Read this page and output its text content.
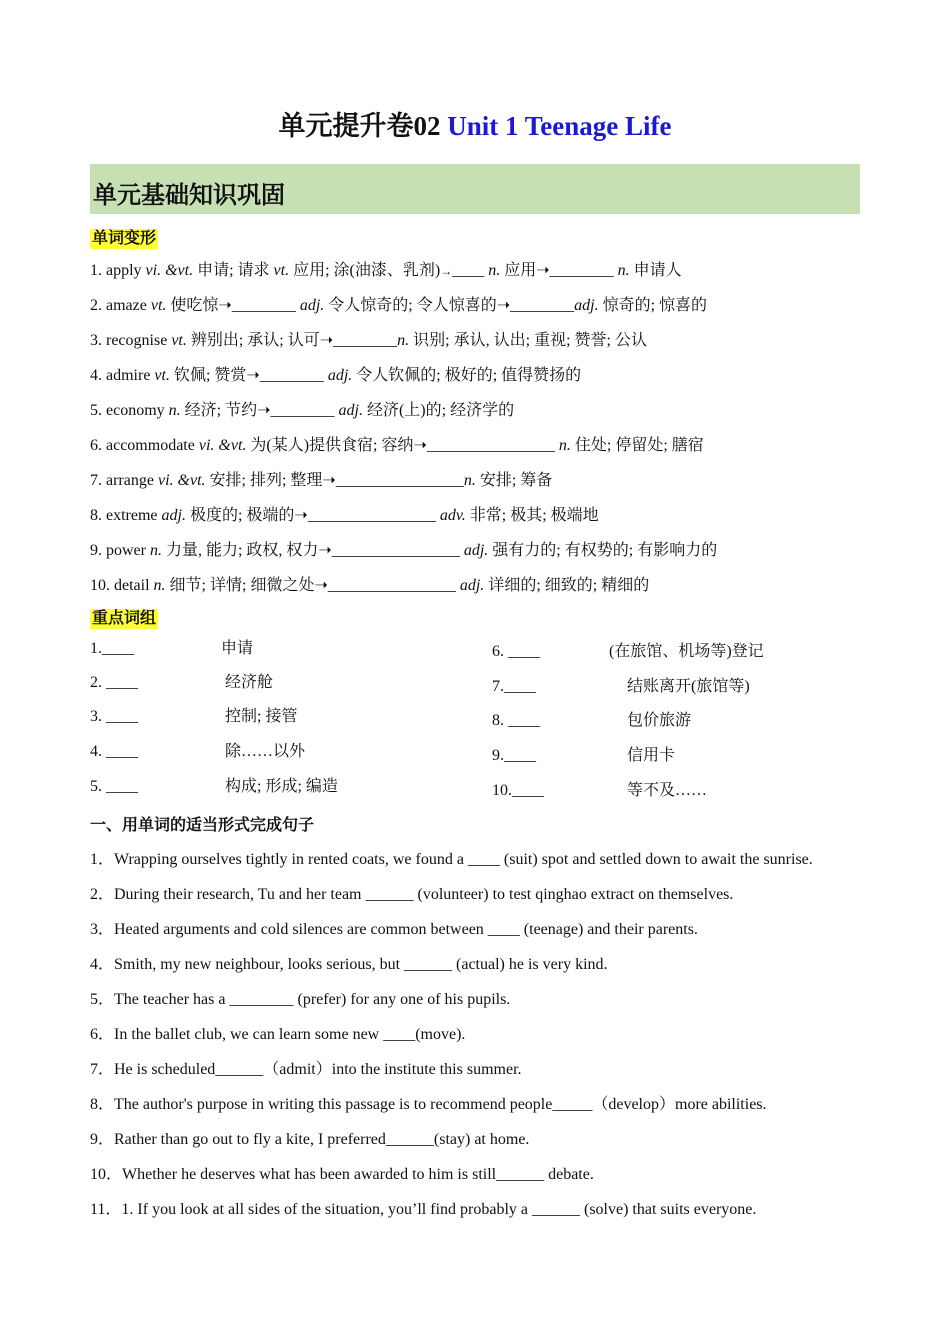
单元提升卷02 Unit 1 Teenage Life
单元基础知识巩固
单词变形
1. apply vi. &vt. 申请; 请求 vt. 应用; 涂(油漆、乳剂)→____ n. 应用➝________ n. 申请人
2. amaze vt. 使吃惊➝________ adj. 令人惊奇的; 令人惊喜的➝________adj. 惊奇的; 惊喜的
3. recognise vt. 辨别出; 承认; 认可➝________n. 识别; 承认, 认出; 重视; 赞誉; 公认
4. admire vt. 钦佩; 赞赏➝________ adj. 令人钦佩的; 极好的; 值得赞扬的
5. economy n. 经济; 节约➝________ adj. 经济(上)的; 经济学的
6. accommodate vi. &vt. 为(某人)提供食宿; 容纳➝________________ n. 住处; 停留处; 膳宿
7. arrange vi. &vt. 安排; 排列; 整理➝________________n. 安排; 筹备
8. extreme adj. 极度的; 极端的➝________________ adv. 非常; 极其; 极端地
9. power n. 力量, 能力; 政权, 权力➝________________ adj. 强有力的; 有权势的; 有影响力的
10. detail n. 细节; 详情; 细微之处➝________________ adj. 详细的; 细致的; 精细的
重点词组
1.____	申请
2. ____	经济舱
3. ____	控制; 接管
4. ____	除……以外
5. ____	构成; 形成; 编造
6. ____	(在旅馆、机场等)登记
7.____	结账离开(旅馆等)
8. ____	包价旅游
9.____	信用卡
10.____	等不及……
一、用单词的适当形式完成句子
1．Wrapping ourselves tightly in rented coats, we found a ____ (suit) spot and settled down to await the sunrise.
2．During their research, Tu and her team ______ (volunteer) to test qinghao extract on themselves.
3．Heated arguments and cold silences are common between ____ (teenage) and their parents.
4．Smith, my new neighbour, looks serious, but ______ (actual) he is very kind.
5．The teacher has a ________ (prefer) for any one of his pupils.
6．In the ballet club, we can learn some new ____(move).
7．He is scheduled______（admit）into the institute this summer.
8．The author's purpose in writing this passage is to recommend people_____（develop）more abilities.
9．Rather than go out to fly a kite, I preferred______(stay) at home.
10．Whether he deserves what has been awarded to him is still______ debate.
11．1. If you look at all sides of the situation, you’ll find probably a ______ (solve) that suits everyone.
